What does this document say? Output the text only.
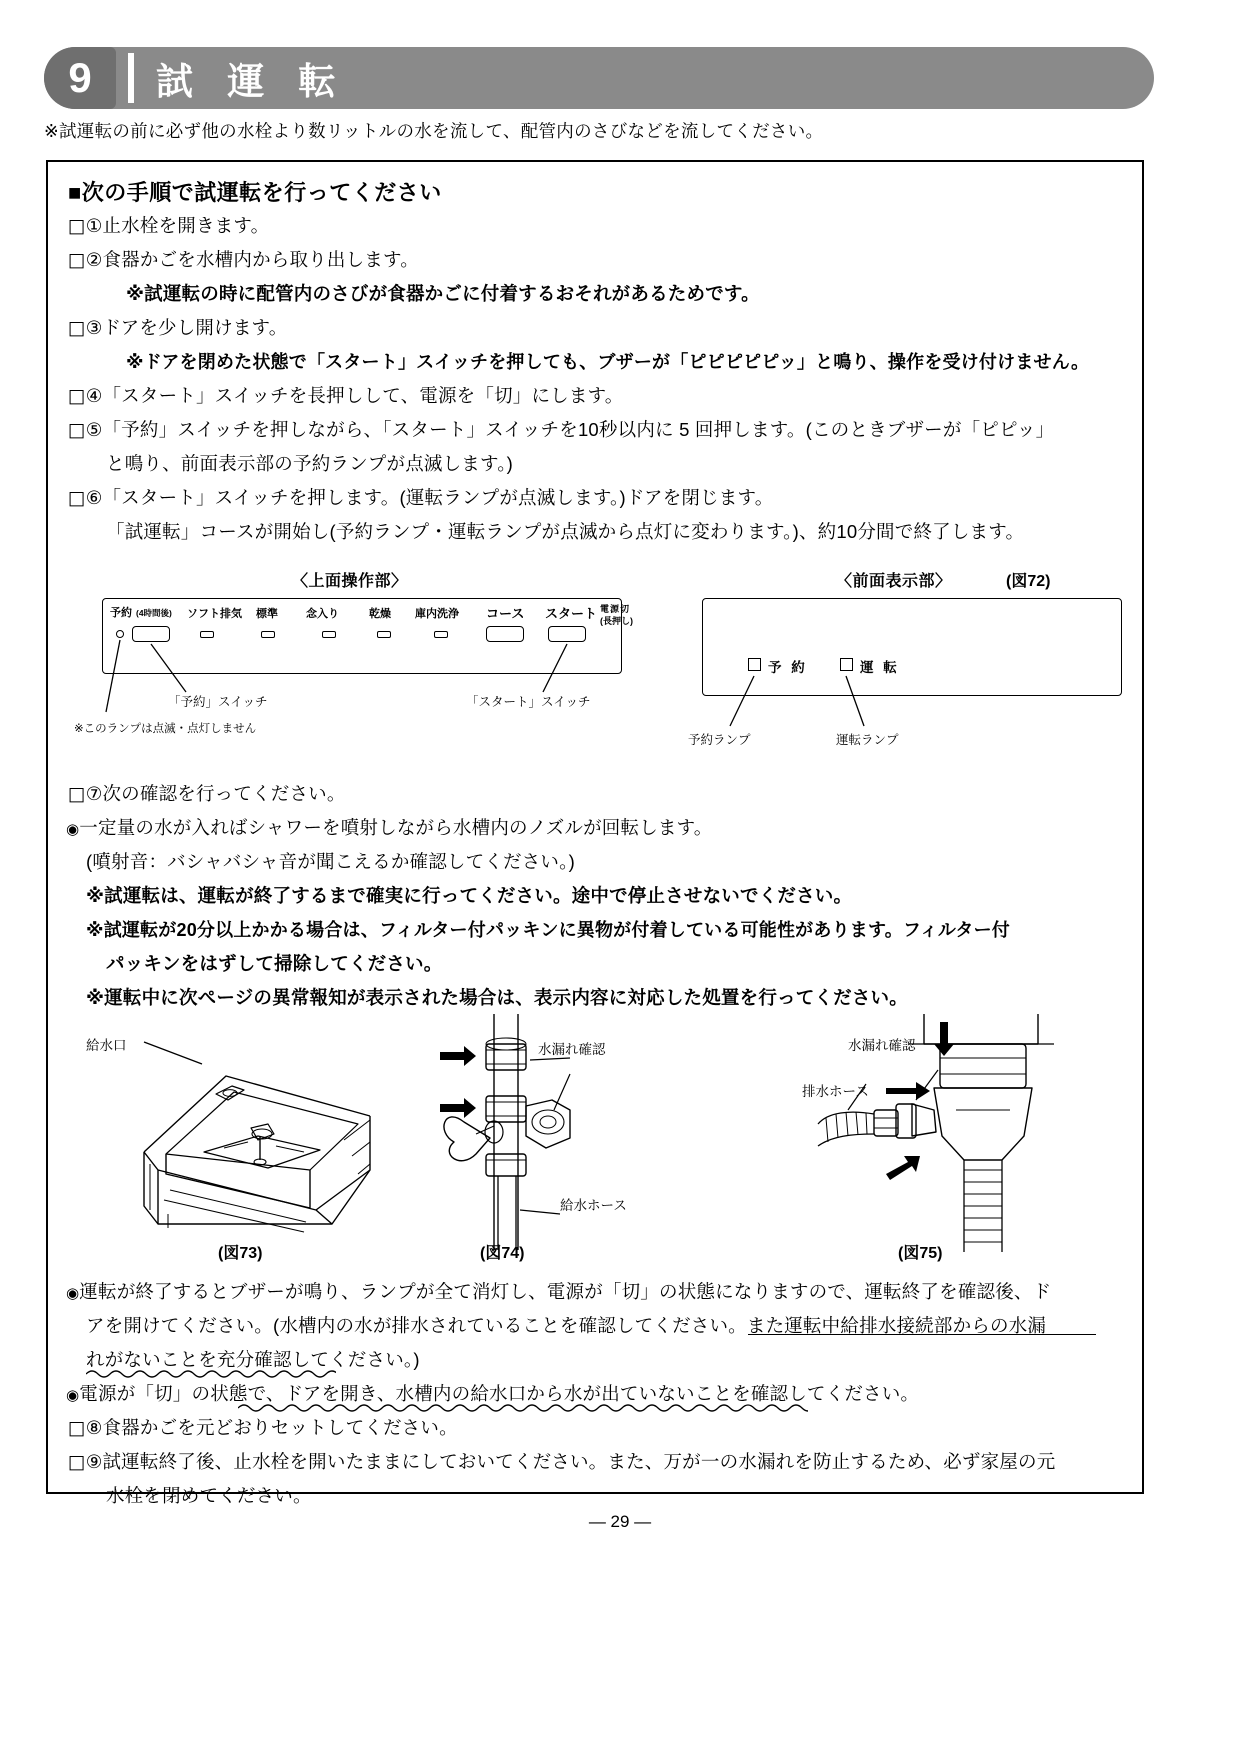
9 試 運 転
※試運転の前に必ず他の水栓より数リットルの水を流して、配管内のさびなどを流してください。
■次の手順で試運転を行ってください
□①止水栓を開きます。
□②食器かごを水槽内から取り出します。
※試運転の時に配管内のさびが食器かごに付着するおそれがあるためです。
□③ドアを少し開けます。
※ドアを閉めた状態で「スタート」スイッチを押しても、ブザーが「ピピピピピッ」と鳴り、操作を受け付けません。
□④「スタート」スイッチを長押しして、電源を「切」にします。
□⑤「予約」スイッチを押しながら、「スタート」スイッチを10秒以内に 5 回押します。(このときブザーが「ピピッ」
と鳴り、前面表示部の予約ランプが点滅します。)
□⑥「スタート」スイッチを押します。(運転ランプが点滅します。)ドアを閉じます。
「試運転」コースが開始し(予約ランプ・運転ランプが点滅から点灯に変わります。)、約10分間で終了します。
〈上面操作部〉
予約 (4時間後) ソフト排気 標準	念入り	乾燥 庫内洗浄 コース スタート 電源切
(長押し)
「予約」スイッチ	「スタート」スイッチ
※このランプは点滅・点灯しません
〈前面表示部〉	(図72)
予 約	運 転
予約ランプ	運転ランプ
□⑦次の確認を行ってください。
◉一定量の水が入ればシャワーを噴射しながら水槽内のノズルが回転します。
(噴射音：バシャバシャ音が聞こえるか確認してください。)
※試運転は、運転が終了するまで確実に行ってください。途中で停止させないでください。
※試運転が20分以上かかる場合は、フィルター付パッキンに異物が付着している可能性があります。フィルター付
パッキンをはずして掃除してください。
※運転中に次ページの異常報知が表示された場合は、表示内容に対応した処置を行ってください。
給水口
(図73)
水漏れ確認
給水ホース
(図74)
水漏れ確認
排水ホース
(図75)
◉運転が終了するとブザーが鳴り、ランプが全て消灯し、電源が「切」の状態になりますので、運転終了を確認後、ド
アを開けてください。(水槽内の水が排水されていることを確認してください。また運転中給排水接続部からの水漏
れがないことを充分確認してください。)
◉電源が「切」の状態で、ドアを開き、水槽内の給水口から水が出ていないことを確認してください。
□⑧食器かごを元どおりセットしてください。
□⑨試運転終了後、止水栓を開いたままにしておいてください。また、万が一の水漏れを防止するため、必ず家屋の元
水栓を閉めてください。
— 29 —
